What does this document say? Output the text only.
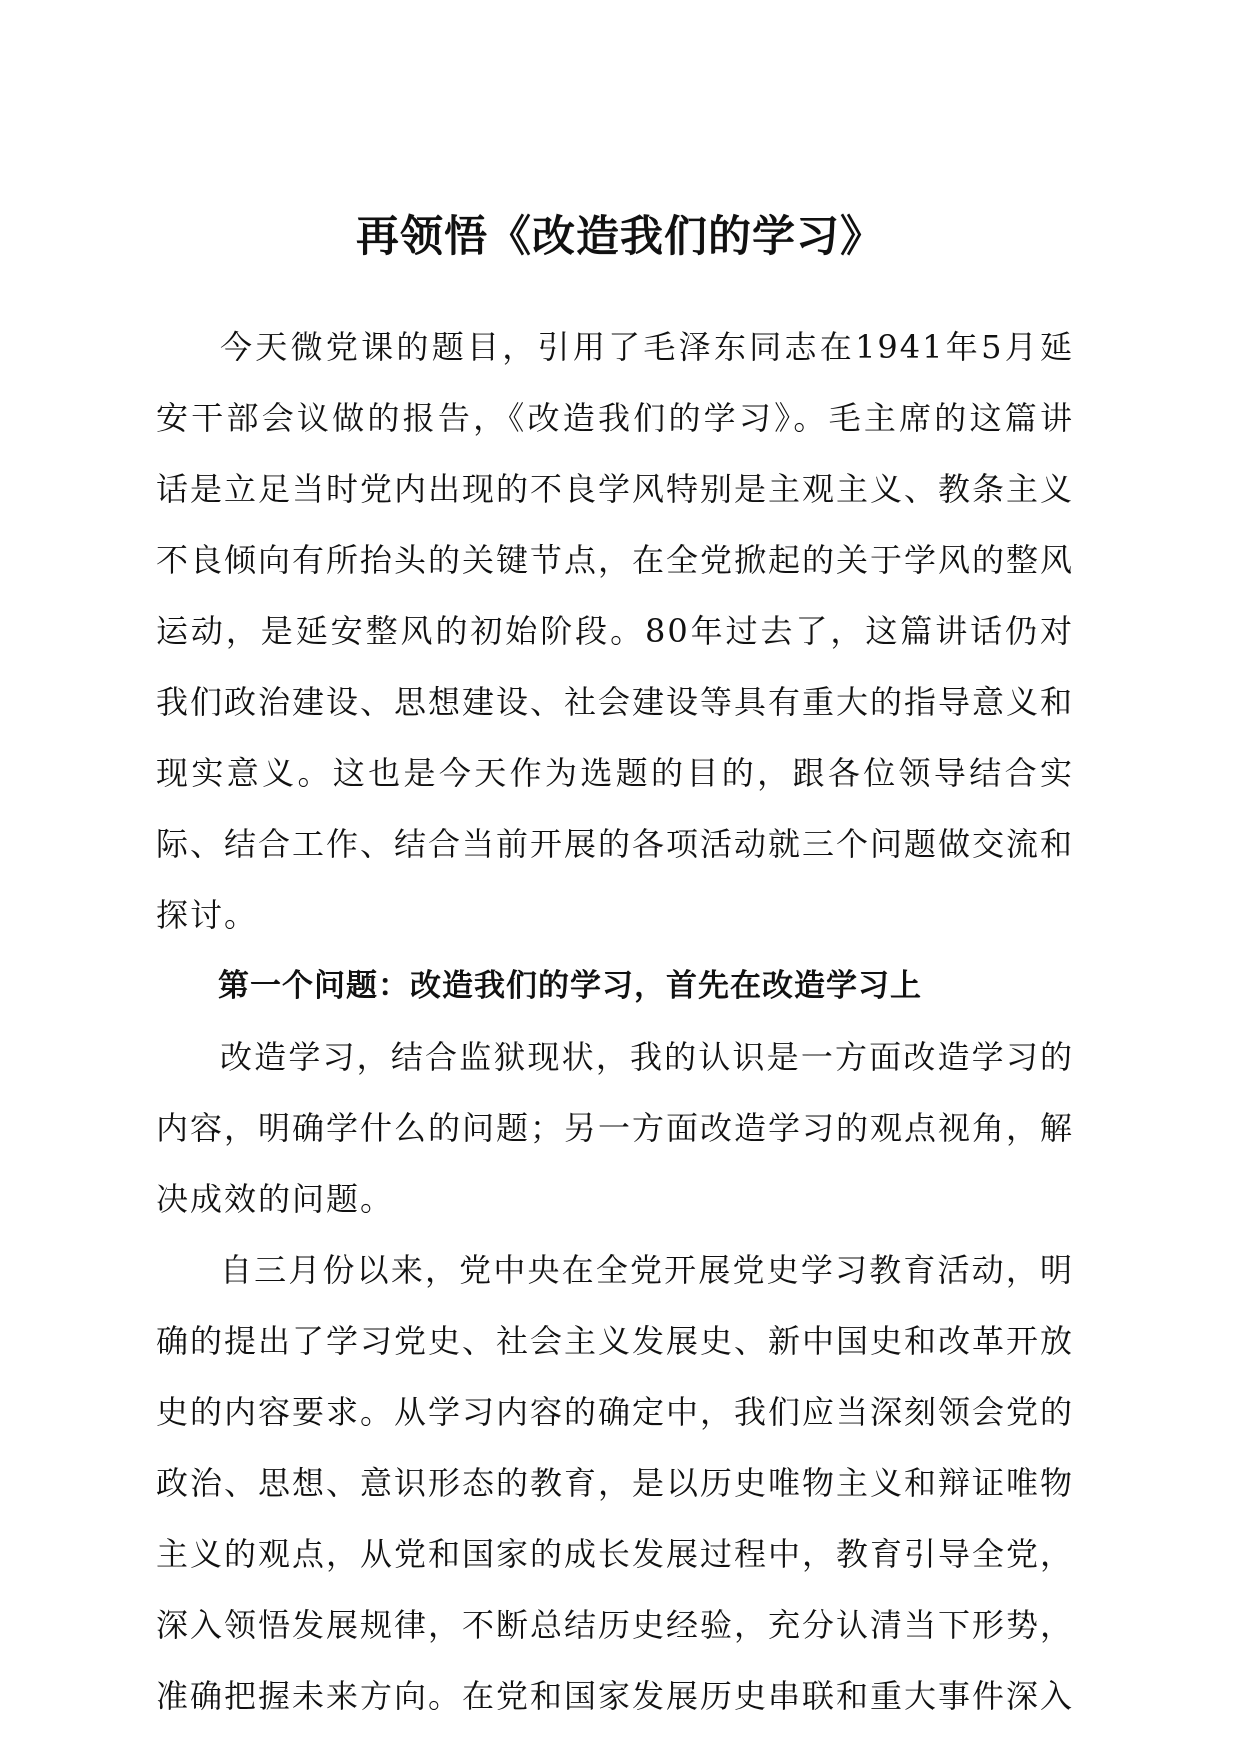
再领悟《改造我们的学习》

今天微党课的题目，引用了毛泽东同志在1941年5月延安干部会议做的报告，《改造我们的学习》。毛主席的这篇讲话是立足当时党内出现的不良学风特别是主观主义、教条主义不良倾向有所抬头的关键节点，在全党掀起的关于学风的整风运动，是延安整风的初始阶段。80年过去了，这篇讲话仍对我们政治建设、思想建设、社会建设等具有重大的指导意义和现实意义。这也是今天作为选题的目的，跟各位领导结合实际、结合工作、结合当前开展的各项活动就三个问题做交流和探讨。

第一个问题：改造我们的学习，首先在改造学习上

改造学习，结合监狱现状，我的认识是一方面改造学习的内容，明确学什么的问题；另一方面改造学习的观点视角，解决成效的问题。

自三月份以来，党中央在全党开展党史学习教育活动，明确的提出了学习党史、社会主义发展史、新中国史和改革开放史的内容要求。从学习内容的确定中，我们应当深刻领会党的政治、思想、意识形态的教育，是以历史唯物主义和辩证唯物主义的观点，从党和国家的成长发展过程中，教育引导全党，深入领悟发展规律，不断总结历史经验，充分认清当下形势，准确把握未来方向。在党和国家发展历史串联和重大事件深入
